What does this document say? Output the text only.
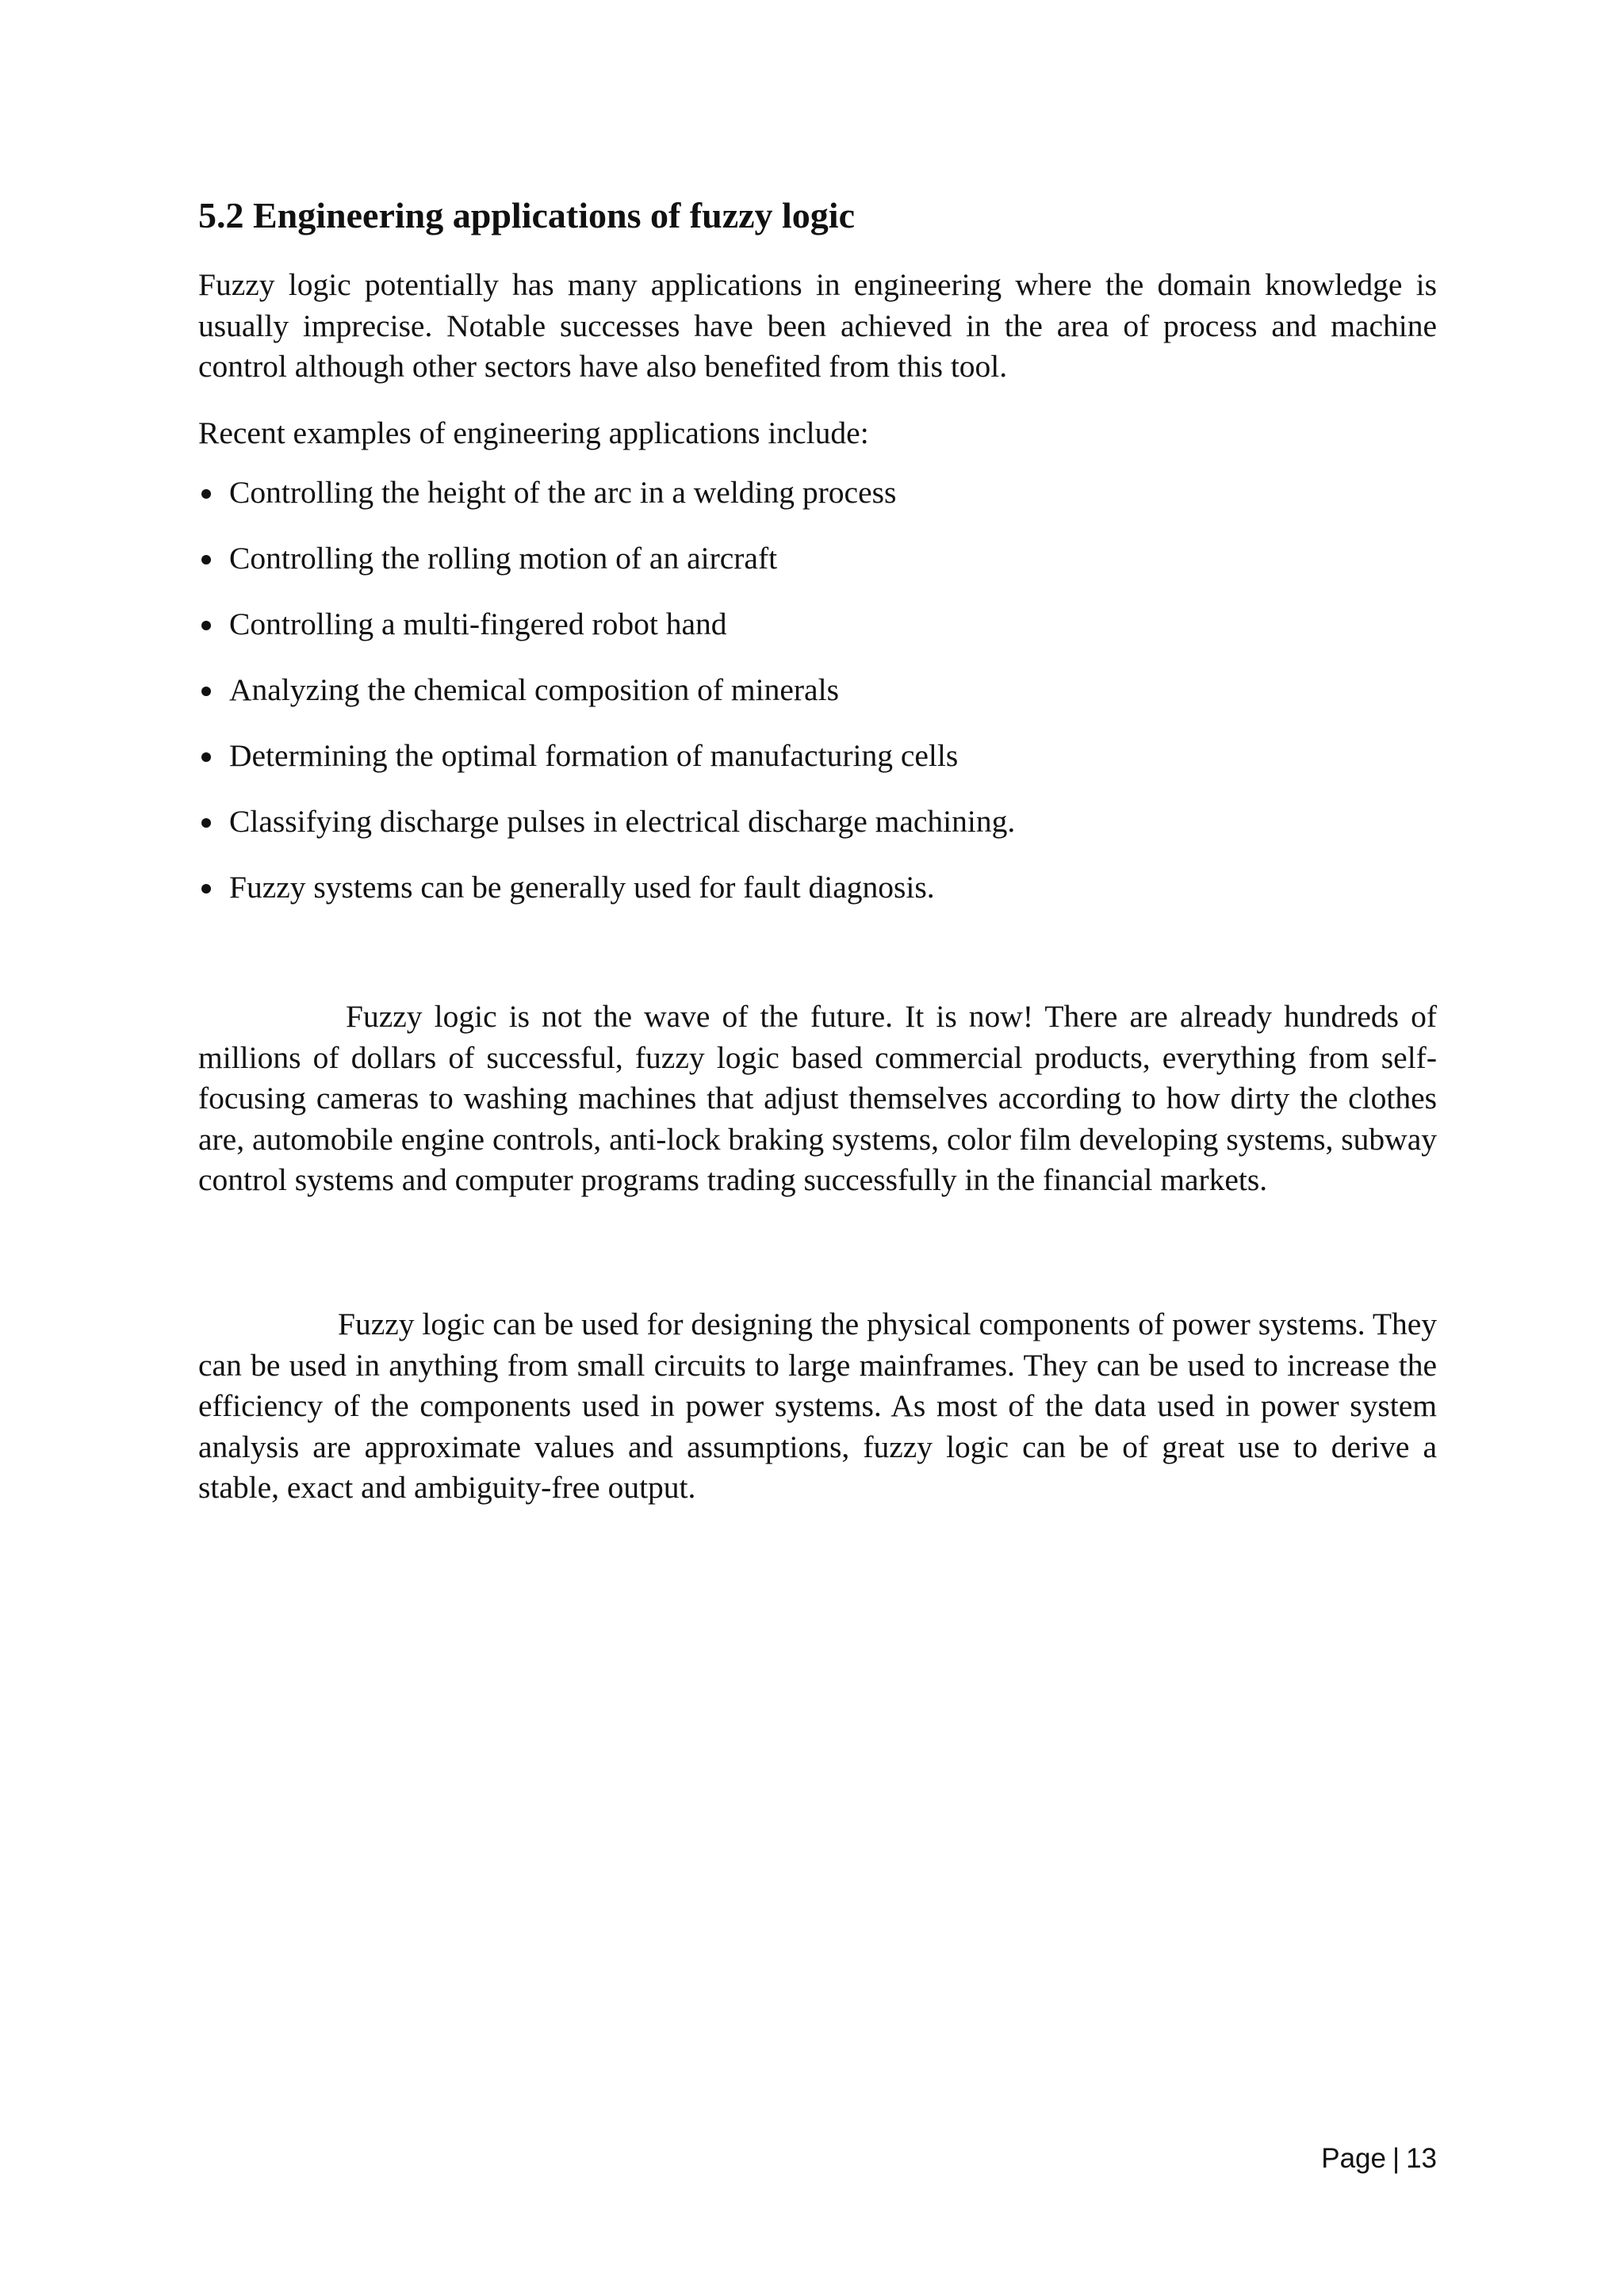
5.2 Engineering applications of fuzzy logic

Fuzzy logic potentially has many applications in engineering where the domain knowledge is usually imprecise. Notable successes have been achieved in the area of process and machine control although other sectors have also benefited from this tool.

Recent examples of engineering applications include:

Controlling the height of the arc in a welding process
Controlling the rolling motion of an aircraft
Controlling a multi-fingered robot hand
Analyzing the chemical composition of minerals
Determining the optimal formation of manufacturing cells
Classifying discharge pulses in electrical discharge machining.
Fuzzy systems can be generally used for fault diagnosis.

Fuzzy logic is not the wave of the future. It is now! There are already hundreds of millions of dollars of successful, fuzzy logic based commercial products, everything from self-focusing cameras to washing machines that adjust themselves according to how dirty the clothes are, automobile engine controls, anti-lock braking systems, color film developing systems, subway control systems and computer programs trading successfully in the financial markets.

Fuzzy logic can be used for designing the physical components of power systems. They can be used in anything from small circuits to large mainframes. They can be used to increase the efficiency of the components used in power systems. As most of the data used in power system analysis are approximate values and assumptions, fuzzy logic can be of great use to derive a stable, exact and ambiguity-free output.

Page | 13
